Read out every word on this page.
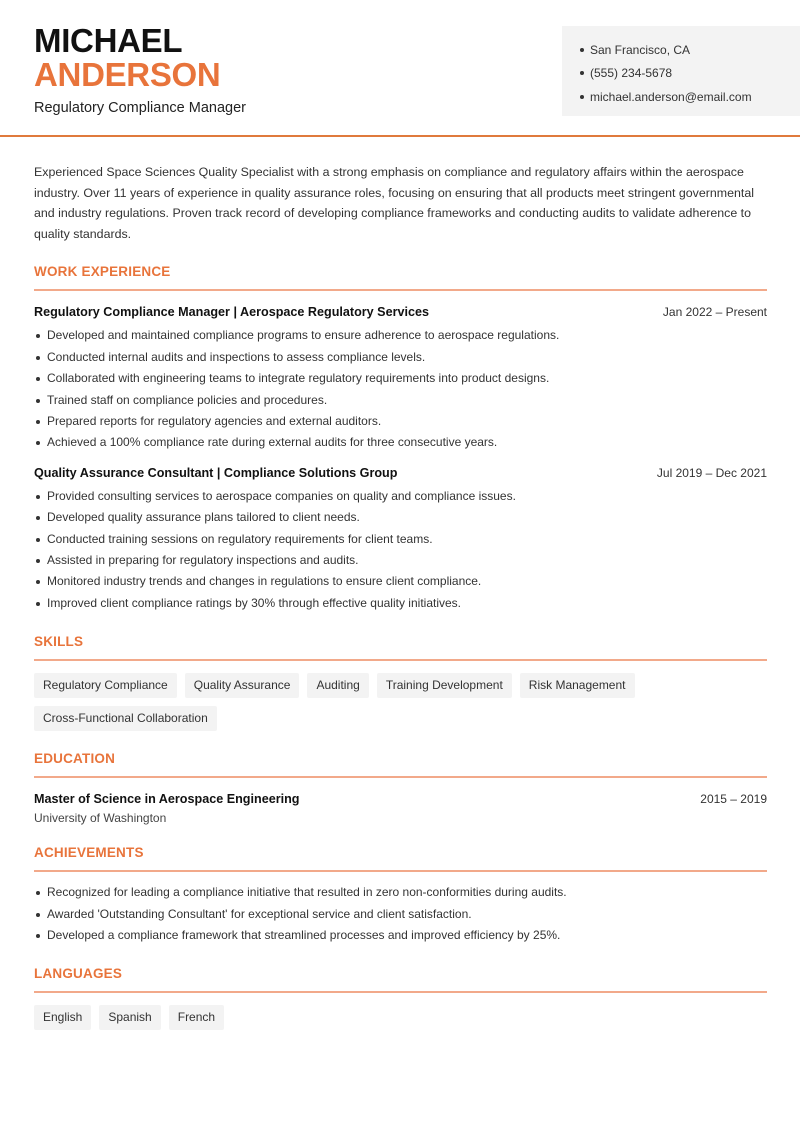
MICHAEL
ANDERSON
Regulatory Compliance Manager
San Francisco, CA
(555) 234-5678
michael.anderson@email.com

Experienced Space Sciences Quality Specialist with a strong emphasis on compliance and regulatory affairs within the aerospace industry. Over 11 years of experience in quality assurance roles, focusing on ensuring that all products meet stringent governmental and industry regulations. Proven track record of developing compliance frameworks and conducting audits to validate adherence to quality standards.

WORK EXPERIENCE
Regulatory Compliance Manager | Aerospace Regulatory Services	Jan 2022 – Present
Developed and maintained compliance programs to ensure adherence to aerospace regulations.
Conducted internal audits and inspections to assess compliance levels.
Collaborated with engineering teams to integrate regulatory requirements into product designs.
Trained staff on compliance policies and procedures.
Prepared reports for regulatory agencies and external auditors.
Achieved a 100% compliance rate during external audits for three consecutive years.
Quality Assurance Consultant | Compliance Solutions Group	Jul 2019 – Dec 2021
Provided consulting services to aerospace companies on quality and compliance issues.
Developed quality assurance plans tailored to client needs.
Conducted training sessions on regulatory requirements for client teams.
Assisted in preparing for regulatory inspections and audits.
Monitored industry trends and changes in regulations to ensure client compliance.
Improved client compliance ratings by 30% through effective quality initiatives.
SKILLS
Regulatory Compliance	Quality Assurance	Auditing	Training Development	Risk Management
Cross-Functional Collaboration
EDUCATION
Master of Science in Aerospace Engineering	2015 – 2019
University of Washington
ACHIEVEMENTS
Recognized for leading a compliance initiative that resulted in zero non-conformities during audits.
Awarded 'Outstanding Consultant' for exceptional service and client satisfaction.
Developed a compliance framework that streamlined processes and improved efficiency by 25%.
LANGUAGES
English	Spanish	French
